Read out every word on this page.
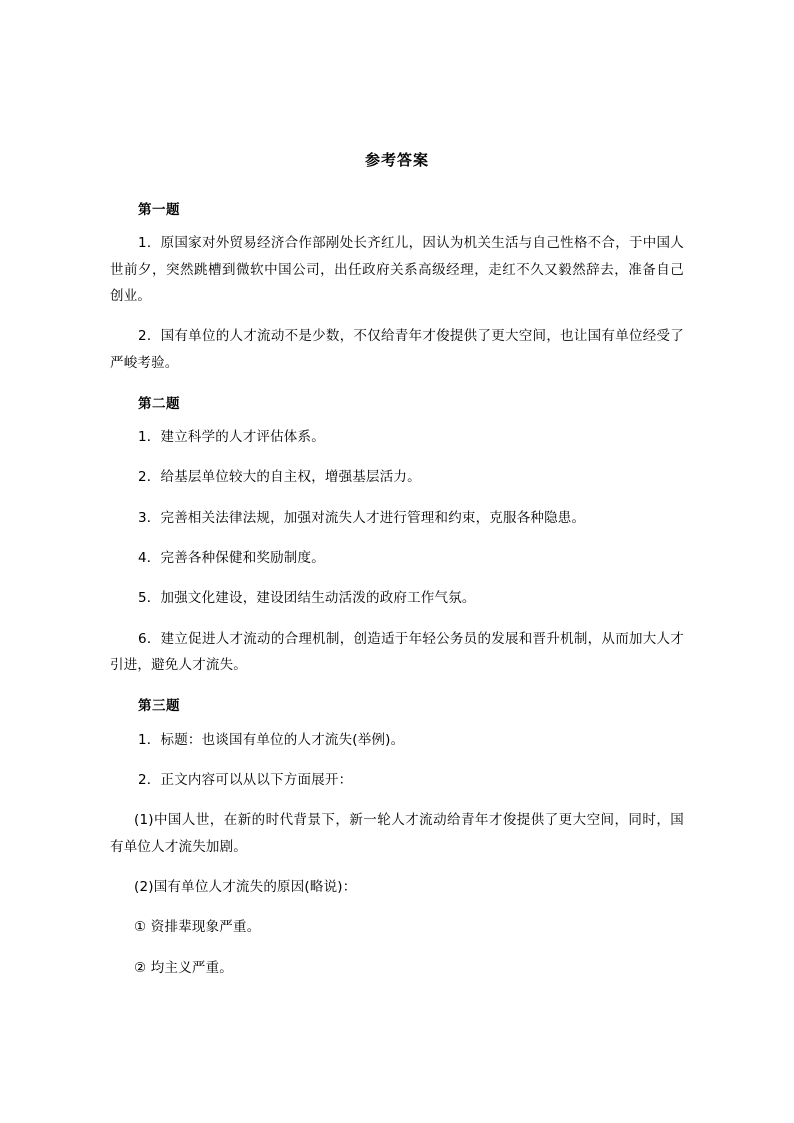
参考答案
第一题
1．原国家对外贸易经济合作部剐处长齐红儿，因认为机关生活与自己性格不合，于中国人世前夕，突然跳槽到微软中国公司，出任政府关系高级经理，走红不久又毅然辞去，准备自己创业。
2．国有单位的人才流动不是少数，不仅给青年才俊提供了更大空间，也让国有单位经受了严峻考验。
第二题
1．建立科学的人才评估体系。
2．给基层单位较大的自主权，增强基层活力。
3．完善相关法律法规，加强对流失人才进行管理和约束，克服各种隐患。
4．完善各种保健和奖励制度。
5．加强文化建设，建设团结生动活泼的政府工作气氛。
6．建立促进人才流动的合理机制，创造适于年轻公务员的发展和晋升机制，从而加大人才引进，避免人才流失。
第三题
1．标题：也谈国有单位的人才流失(举例)。
2．正文内容可以从以下方面展开：
(1)中国人世，在新的时代背景下，新一轮人才流动给青年才俊提供了更大空间，同时，国有单位人才流失加剧。
(2)国有单位人才流失的原因(略说)：
① 资排辈现象严重。
② 均主义严重。
